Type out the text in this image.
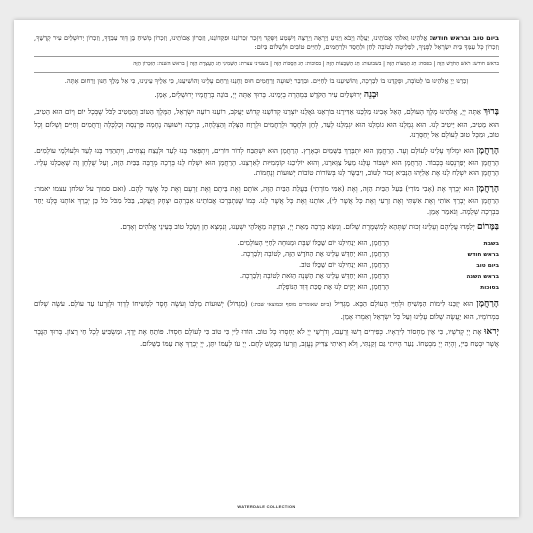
ביום טוב ובראש חודש: אֱלֹהֵינוּ וֵאלֹהֵי אֲבוֹתֵינוּ, יַעֲלֶה וְיָבֹא וְיַגִּיעַ וְיֵרָאֶה וְיֵרָצֶה וְיִשָּׁמַע וְיִפָּקֵד וְיִזָּכֵר זִכְרוֹנֵנוּ וּפִקְדוֹנֵנוּ, וְזִכְרוֹן אֲבוֹתֵינוּ, וְזִכְרוֹן מָשִׁיחַ בֶּן דָּוִד עַבְדֶּךָ, וְזִכְרוֹן יְרוּשָׁלַיִם עִיר קָדְשֶׁךָ, וְזִכְרוֹן כָּל עַמְּךָ בֵּית יִשְׂרָאֵל לְפָנֶיךָ, לִפְלֵיטָה לְטוֹבָה לְחֵן וּלְחֶסֶד וּלְרַחֲמִים, לְחַיִּים טוֹבִים וּלְשָׁלוֹם בְּיוֹם:

בראש חודש: רֹאשׁ הַחֹדֶשׁ הַזֶּה | בפסח: חַג הַמַּצּוֹת הַזֶּה | בשבועות: חַג הַשָּׁבֻעוֹת הַזֶּה | בסוכות: חַג הַסֻּכּוֹת הַזֶּה | בשמיני עצרת: הַשְּׁמִינִי חַג הָעֲצֶרֶת הַזֶּה | בראש השנה: הַזִּכָּרוֹן הַזֶּה

זָכְרֵנוּ יְיָ אֱלֹהֵינוּ בּוֹ לְטוֹבָה, וּפָקְדֵנוּ בוֹ לִבְרָכָה, וְהוֹשִׁיעֵנוּ בוֹ לְחַיִּים. וּבִדְבַר יְשׁוּעָה וְרַחֲמִים חוּס וְחָנֵּנוּ וְרַחֵם עָלֵינוּ וְהוֹשִׁיעֵנוּ, כִּי אֵלֶיךָ עֵינֵינוּ, כִּי אֵל מֶלֶךְ חַנּוּן וְרַחוּם אָתָּה.

וּבְנֵה יְרוּשָׁלַיִם עִיר הַקֹּדֶשׁ בִּמְהֵרָה בְיָמֵינוּ. בָּרוּךְ אַתָּה יְיָ, בּוֹנֵה בְרַחֲמָיו יְרוּשָׁלָיִם, אָמֵן.

בָּרוּךְ אַתָּה יְיָ, אֱלֹהֵינוּ מֶלֶךְ הָעוֹלָם, הָאֵל אָבִינוּ מַלְכֵּנוּ אַדִּירֵנוּ בּוֹרְאֵנוּ גֹּאֲלֵנוּ יוֹצְרֵנוּ קְדוֹשֵׁנוּ קְדוֹשׁ יַעֲקֹב, רוֹעֵנוּ רוֹעֵה יִשְׂרָאֵל, הַמֶּלֶךְ הַטּוֹב וְהַמֵּטִיב לַכֹּל שֶׁבְּכָל יוֹם וָיוֹם הוּא הֵטִיב, הוּא מֵטִיב, הוּא יֵיטִיב לָנוּ. הוּא גְמָלָנוּ הוּא גוֹמְלֵנוּ הוּא יִגְמְלֵנוּ לָעַד, לְחֵן וּלְחֶסֶד וּלְרַחֲמִים וּלְרֶוַח הַצָּלָה וְהַצְלָחָה, בְּרָכָה וִישׁוּעָה נֶחָמָה פַּרְנָסָה וְכַלְכָּלָה וְרַחֲמִים וְחַיִּים וְשָׁלוֹם וְכָל טוֹב, וּמִכָּל טוּב לְעוֹלָם אַל יְחַסְּרֵנוּ.

הָרַחֲמָן הוּא יִמְלוֹךְ עָלֵינוּ לְעוֹלָם וָעֶד. הָרַחֲמָן הוּא יִתְבָּרַךְ בַּשָּׁמַיִם וּבָאָרֶץ. הָרַחֲמָן הוּא יִשְׁתַּבַּח לְדוֹר דּוֹרִים, וְיִתְפָּאַר בָּנוּ לָעַד וּלְנֵצַח נְצָחִים, וְיִתְהַדַּר בָּנוּ לָעַד וּלְעוֹלְמֵי עוֹלָמִים. הָרַחֲמָן הוּא יְפַרְנְסֵנוּ בְּכָבוֹד. הָרַחֲמָן הוּא יִשְׁבּוֹר עֻלֵּנוּ מֵעַל צַוָּארֵנוּ, וְהוּא יוֹלִיכֵנוּ קוֹמְמִיּוּת לְאַרְצֵנוּ. הָרַחֲמָן הוּא יִשְׁלַח לָנוּ בְּרָכָה מְרֻבָּה בַּבַּיִת הַזֶּה, וְעַל שֻׁלְחָן זֶה שֶׁאָכַלְנוּ עָלָיו. הָרַחֲמָן הוּא יִשְׁלַח לָנוּ אֶת אֵלִיָּהוּ הַנָּבִיא זָכוּר לַטּוֹב, וִיבַשֶּׂר לָנוּ בְּשׂוֹרוֹת טוֹבוֹת יְשׁוּעוֹת וְנֶחָמוֹת.

הָרַחֲמָן הוּא יְבָרֵךְ אֶת (אָבִי מוֹרִי) בַּעַל הַבַּיִת הַזֶּה, וְאֶת (אִמִּי מוֹרָתִי) בַּעֲלַת הַבַּיִת הַזֶּה, אוֹתָם וְאֶת בֵּיתָם וְאֶת זַרְעָם וְאֶת כָּל אֲשֶׁר לָהֶם. (ואם סמוך על שלחן עצמו יאמר: הָרַחֲמָן הוּא יְבָרֵךְ אוֹתִי וְאֶת אִשְׁתִּי וְאֶת זַרְעִי וְאֶת כָּל אֲשֶׁר לִי), אוֹתָנוּ וְאֶת כָּל אֲשֶׁר לָנוּ. כְּמוֹ שֶׁנִּתְבָּרְכוּ אֲבוֹתֵינוּ אַבְרָהָם יִצְחָק וְיַעֲקֹב, בַּכֹּל מִכֹּל כֹּל כֵּן יְבָרֵךְ אוֹתָנוּ כֻּלָּנוּ יַחַד בִּבְרָכָה שְׁלֵמָה. וְנֹאמַר אָמֵן.

בַּמָּרוֹם יְלַמְּדוּ עֲלֵיהֶם וְעָלֵינוּ זְכוּת שֶׁתְּהֵא לְמִשְׁמֶרֶת שָׁלוֹם. וְנִשָּׂא בְרָכָה מֵאֵת יְיָ, וּצְדָקָה מֵאֱלֹהֵי יִשְׁעֵנוּ, וְנִמְצָא חֵן וְשֵׂכֶל טוֹב בְּעֵינֵי אֱלֹהִים וְאָדָם.

בשבת
הָרַחֲמָן, הוּא יַנְחִילֵנוּ יוֹם שֶׁכֻּלּוֹ שַׁבָּת וּמְנוּחָה לְחַיֵּי הָעוֹלָמִים.
בראש חודש
הָרַחֲמָן, הוּא יְחַדֵּשׁ עָלֵינוּ אֶת הַחֹדֶשׁ הַזֶּה, לְטוֹבָה וְלִבְרָכָה.
ביום טוב
הָרַחֲמָן, הוּא יַנְחִילֵנוּ יוֹם שֶׁכֻּלּוֹ טוֹב.
בראש השנה
הָרַחֲמָן, הוּא יְחַדֵּשׁ עָלֵינוּ אֶת הַשָּׁנָה הַזֹּאת לְטוֹבָה וְלִבְרָכָה.
בסוכות
הָרַחֲמָן, הוּא יָקִים לָנוּ אֶת סֻכַּת דָּוִד הַנּוֹפָלֶת.

הָרַחֲמָן הוּא יְזַכֵּנוּ לִימוֹת הַמָּשִׁיחַ וּלְחַיֵּי הָעוֹלָם הַבָּא. מַגְדִּיל (ביום שאומרים מוסף ובמוצאי שבת:) (מִגְדּוֹל) יְשׁוּעוֹת מַלְכּוֹ וְעֹשֶׂה חֶסֶד לִמְשִׁיחוֹ לְדָוִד וּלְזַרְעוֹ עַד עוֹלָם. עֹשֶׂה שָׁלוֹם בִּמְרוֹמָיו, הוּא יַעֲשֶׂה שָׁלוֹם עָלֵינוּ וְעַל כָּל יִשְׂרָאֵל וְאִמְרוּ אָמֵן.

יְראוּ אֶת יְיָ קְדֹשָׁיו, כִּי אֵין מַחְסוֹר לִירֵאָיו. כְּפִירִים רָשׁוּ וְרָעֵבוּ, וְדֹרְשֵׁי יְיָ לֹא יַחְסְרוּ כָל טוֹב. הוֹדוּ לַייָ כִּי טוֹב כִּי לְעוֹלָם חַסְדּוֹ. פּוֹתֵחַ אֶת יָדֶךָ, וּמַשְׂבִּיעַ לְכָל חַי רָצוֹן. בָּרוּךְ הַגֶּבֶר אֲשֶׁר יִבְטַח בַּייָ, וְהָיָה יְיָ מִבְטַחוֹ. נַעַר הָיִיתִי גַּם זָקַנְתִּי, וְלֹא רָאִיתִי צַדִּיק נֶעֱזָב, וְזַרְעוֹ מְבַקֶּשׁ לָחֶם. יְיָ עֹז לְעַמּוֹ יִתֵּן, יְיָ יְבָרֵךְ אֶת עַמּוֹ בַשָּׁלוֹם.

WATERDALE COLLECTION
